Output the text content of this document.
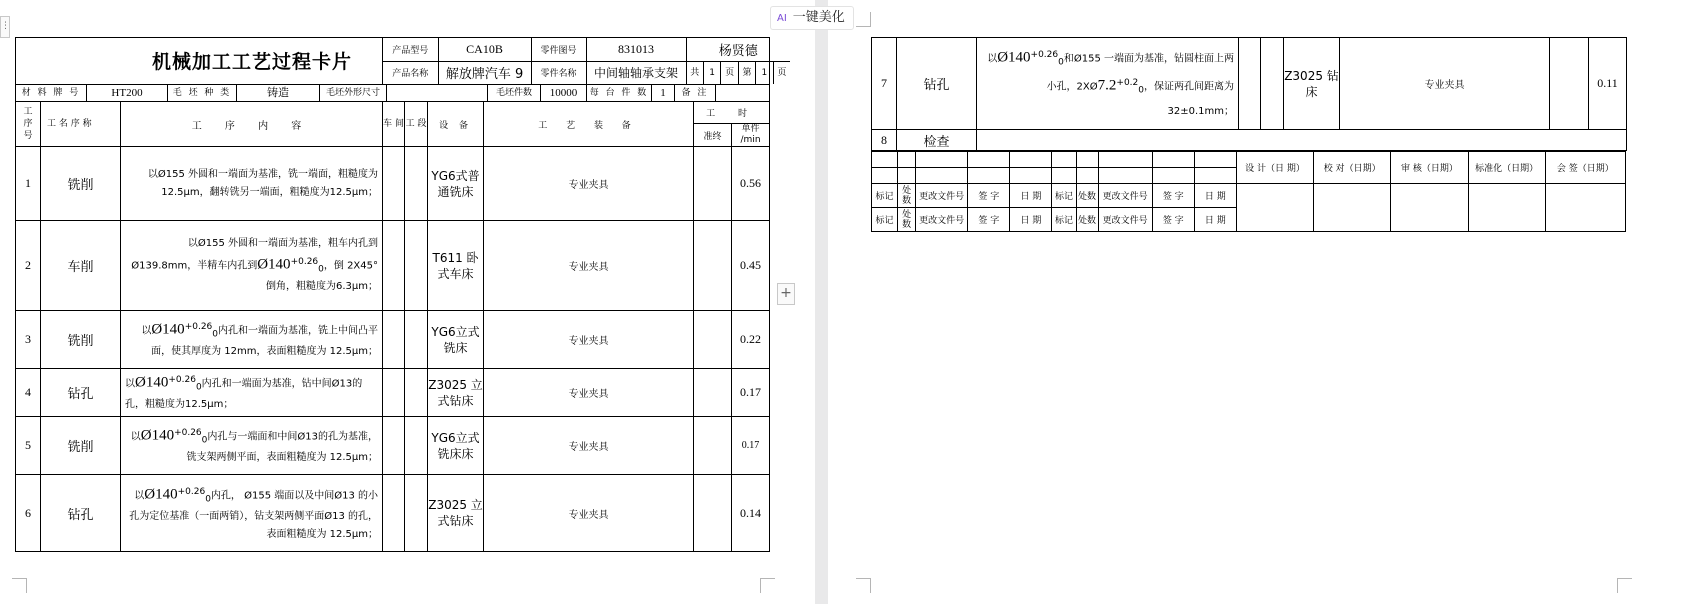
⋮
+
AI 一键美化

产品型号	CA10B	零件图号	831013	杨贤德
产品名称	解放牌汽车 9	零件名称	中间轴轴承支架	共	1	页 第	1	页

材 料 牌 号	HT200	毛 坯 种 类	铸造	毛坯外形尺寸	毛坯件数	10000	每 台 件 数	1	备 注

工 序 号	工 名 序 称	工 序 内 容	车 间	工 段	设 备	工 艺 装 备	工 时
准终	单件 /min
1	铣削	以Ø155 外圆和一端面为基准，铣一端面，粗糙度为12.5μm，翻转铣另一端面，粗糙度为12.5μm；			YG6式普通铣床	专业夹具		0.56
2	车削	以Ø155 外圆和一端面为基准，粗车内孔到Ø139.8mm，半精车内孔到$Ø140^{+0.26}_0$，倒 2X45° 倒角，粗糙度为6.3μm；			T611 卧式车床	专业夹具		0.45
3	铣削	以$Ø140^{+0.26}_0$内孔和一端面为基准，铣上中间凸平面，使其厚度为 12mm，表面粗糙度为 12.5μm；			YG6立式铣床	专业夹具		0.22
4	钻孔	以$Ø140^{+0.26}_0$内孔和一端面为基准，钻中间Ø13的孔，粗糙度为12.5μm；			Z3025 立式钻床	专业夹具		0.17
5	铣削	以$Ø140^{+0.26}_0$内孔与一端面和中间Ø13的孔为基准， 铣支架两侧平面，表面粗糙度为 12.5μm；			YG6立式铣床床	专业夹具		0.17
6	钻孔	以$Ø140^{+0.26}_0$内孔， Ø155 端面以及中间Ø13 的小孔为定位基准（一面两销），钻支架两侧平面Ø13 的孔，表面粗糙度为 12.5μm；			Z3025 立式钻床	专业夹具		0.14
机械加工工艺过程卡片
7	钻孔	以$Ø140^{+0.26}_0$和Ø155 一端面为基准，钻圆柱面上两小孔，$2XØ7.2^{+0.2}_0$，保证两孔间距离为32±0.1mm；			Z3025 钻床	专业夹具		0.11
8	检查							
										设 计（日 期）	校 对（日期）	审 核（日期）	标准化（日期）	会 签（日期）

标记	处数	更改文件号	签 字	日 期	标记	处数	更改文件号	签 字	日 期					
标记	处数	更改文件号	签 字	日 期	标记	处数	更改文件号	签 字	日 期					
